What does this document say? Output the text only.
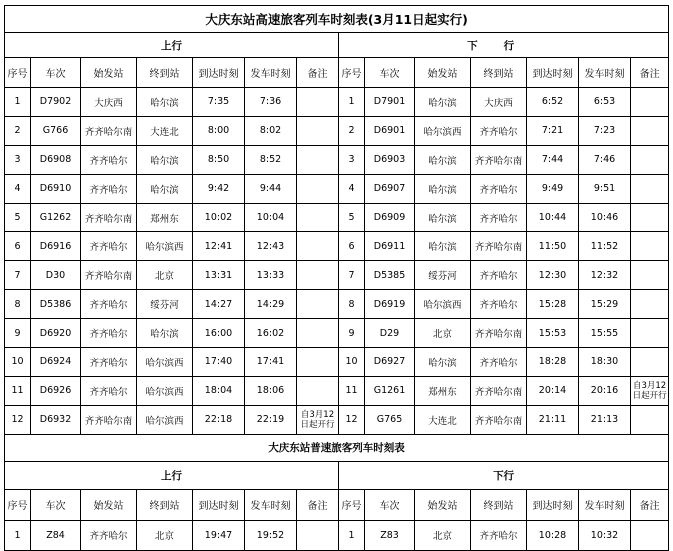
大庆东站高速旅客列车时刻表(3月11日起实行)													
上行							下行						
序号	车次	始发站	终到站	到达时刻	发车时刻	备注	序号	车次	始发站	终到站	到达时刻	发车时刻	备注
1	D7902	大庆西	哈尔滨	7:35	7:36		1	D7901	哈尔滨	大庆西	6:52	6:53	
2	G766	齐齐哈尔南	大连北	8:00	8:02		2	D6901	哈尔滨西	齐齐哈尔	7:21	7:23	
3	D6908	齐齐哈尔	哈尔滨	8:50	8:52		3	D6903	哈尔滨	齐齐哈尔南	7:44	7:46	
4	D6910	齐齐哈尔	哈尔滨	9:42	9:44		4	D6907	哈尔滨	齐齐哈尔	9:49	9:51	
5	G1262	齐齐哈尔南	郑州东	10:02	10:04		5	D6909	哈尔滨	齐齐哈尔	10:44	10:46	
6	D6916	齐齐哈尔	哈尔滨西	12:41	12:43		6	D6911	哈尔滨	齐齐哈尔南	11:50	11:52	
7	D30	齐齐哈尔南	北京	13:31	13:33		7	D5385	绥芬河	齐齐哈尔	12:30	12:32	
8	D5386	齐齐哈尔	绥芬河	14:27	14:29		8	D6919	哈尔滨西	齐齐哈尔	15:28	15:29	
9	D6920	齐齐哈尔	哈尔滨	16:00	16:02		9	D29	北京	齐齐哈尔南	15:53	15:55	
10	D6924	齐齐哈尔	哈尔滨西	17:40	17:41		10	D6927	哈尔滨	齐齐哈尔	18:28	18:30	
11	D6926	齐齐哈尔	哈尔滨西	18:04	18:06		11	G1261	郑州东	齐齐哈尔南	20:14	20:16	自3月12日起开行
12	D6932	齐齐哈尔南	哈尔滨西	22:18	22:19	自3月12日起开行	12	G765	大连北	齐齐哈尔南	21:11	21:13	
大庆东站普速旅客列车时刻表													
上行							下行						
序号	车次	始发站	终到站	到达时刻	发车时刻	备注	序号	车次	始发站	终到站	到达时刻	发车时刻	备注
1	Z84	齐齐哈尔	北京	19:47	19:52		1	Z83	北京	齐齐哈尔	10:28	10:32	
